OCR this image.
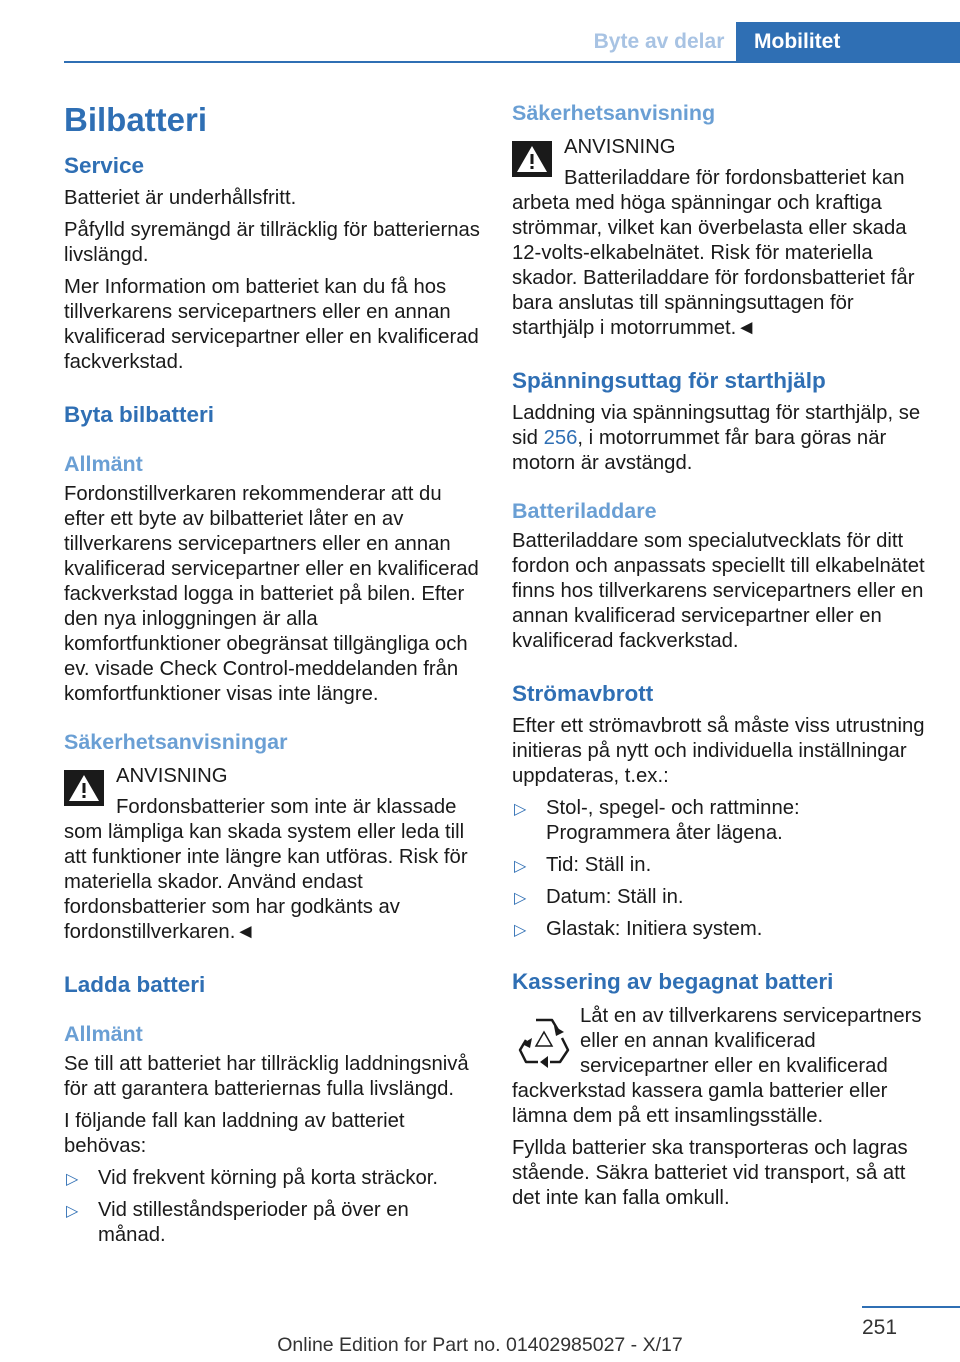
Byte av delar	Mobilitet
Bilbatteri
Service

Batteriet är underhållsfritt.

Påfylld syremängd är tillräcklig för batteriernas livslängd.

Mer Information om batteriet kan du få hos tillverkarens servicepartners eller en annan kvalificerad servicepartner eller en kvalificerad fackverkstad.

Byta bilbatteri
Allmänt

Fordonstillverkaren rekommenderar att du efter ett byte av bilbatteriet låter en av tillverkarens servicepartners eller en annan kvalificerad servicepartner eller en kvalificerad fackverkstad logga in batteriet på bilen. Efter den nya inloggningen är alla komfortfunktioner obegränsat tillgängliga och ev. visade Check Control-meddelanden från komfortfunktioner visas inte längre.

Säkerhetsanvisningar

ANVISNING

Fordonsbatterier som inte är klassade som lämpliga kan skada system eller leda till att funktioner inte längre kan utföras. Risk för materiella skador. Använd endast fordonsbatterier som har godkänts av fordonstillverkaren.◄

Ladda batteri
Allmänt

Se till att batteriet har tillräcklig laddningsnivå för att garantera batteriernas fulla livslängd.

I följande fall kan laddning av batteriet behövas:

▷ Vid frekvent körning på korta sträckor.
▷ Vid stilleståndsperioder på över en månad.
Säkerhetsanvisning

ANVISNING

Batteriladdare för fordonsbatteriet kan arbeta med höga spänningar och kraftiga strömmar, vilket kan överbelasta eller skada 12-volts-elkabelnätet. Risk för materiella skador. Batteriladdare för fordonsbatteriet får bara anslutas till spänningsuttagen för starthjälp i motorrummet.◄

Spänningsuttag för starthjälp

Laddning via spänningsuttag för starthjälp, se sid 256, i motorrummet får bara göras när motorn är avstängd.

Batteriladdare

Batteriladdare som specialutvecklats för ditt fordon och anpassats speciellt till elkabelnätet finns hos tillverkarens servicepartners eller en annan kvalificerad servicepartner eller en kvalificerad fackverkstad.

Strömavbrott

Efter ett strömavbrott så måste viss utrustning initieras på nytt och individuella inställningar uppdateras, t.ex.:

▷ Stol-, spegel- och rattminne: Programmera åter lägena.
▷ Tid: Ställ in.
▷ Datum: Ställ in.
▷ Glastak: Initiera system.
Kassering av begagnat batteri

Låt en av tillverkarens servicepartners eller en annan kvalificerad servicepartner eller en kvalificerad fackverkstad kassera gamla batterier eller lämna dem på ett insamlingsställe.

Fyllda batterier ska transporteras och lagras stående. Säkra batteriet vid transport, så att det inte kan falla omkull.

251
Online Edition for Part no. 01402985027 - X/17
